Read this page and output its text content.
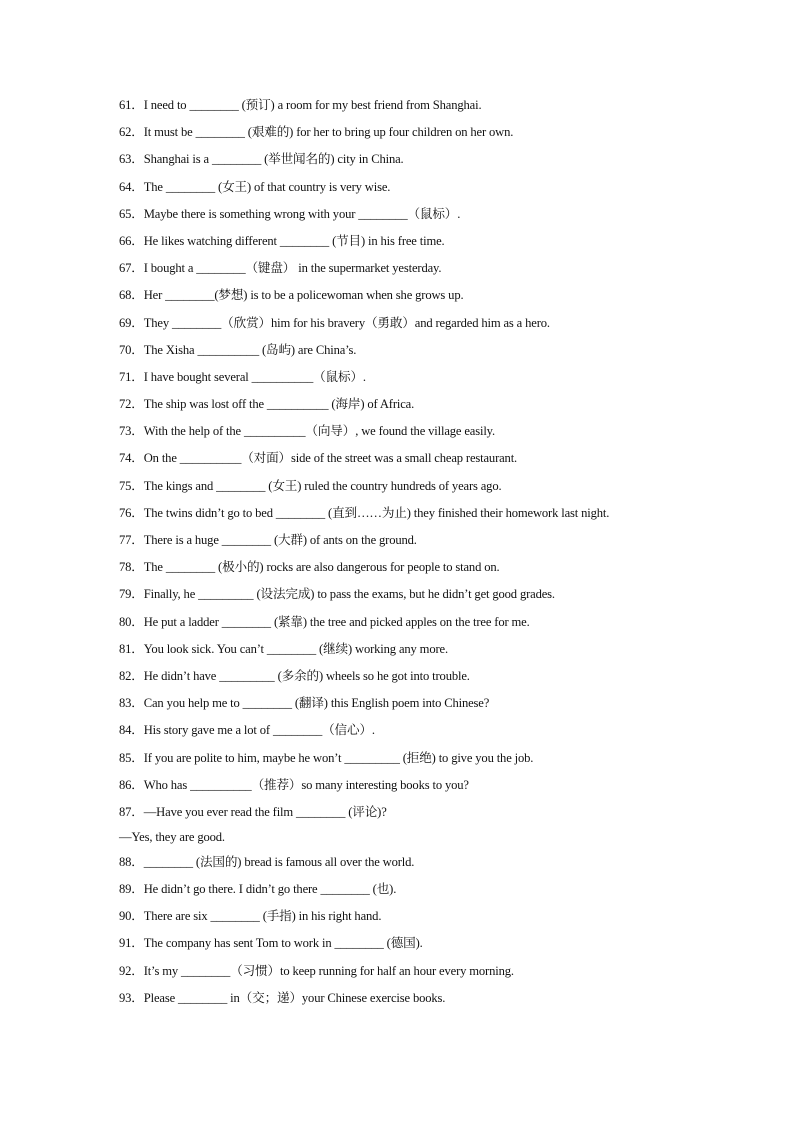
61．I need to ________ (预订) a room for my best friend from Shanghai.
62．It must be ________ (艰难的) for her to bring up four children on her own.
63．Shanghai is a ________ (举世闻名的) city in China.
64．The ________ (女王) of that country is very wise.
65．Maybe there is something wrong with your ________（鼠标）.
66．He likes watching different ________ (节目) in his free time.
67．I bought a ________（键盘） in the supermarket yesterday.
68．Her ________(梦想) is to be a policewoman when she grows up.
69．They ________（欣赏）him for his bravery（勇敢）and regarded him as a hero.
70．The Xisha __________ (岛屿) are China’s.
71．I have bought several __________（鼠标）.
72．The ship was lost off the __________ (海岸) of Africa.
73．With the help of the __________（向导）, we found the village easily.
74．On the __________（对面）side of the street was a small cheap restaurant.
75．The kings and ________ (女王) ruled the country hundreds of years ago.
76．The twins didn’t go to bed ________ (直到……为止) they finished their homework last night.
77．There is a huge ________ (大群) of ants on the ground.
78．The ________ (极小的) rocks are also dangerous for people to stand on.
79．Finally, he _________ (设法完成) to pass the exams, but he didn’t get good grades.
80．He put a ladder ________ (紧靠) the tree and picked apples on the tree for me.
81．You look sick. You can’t ________ (继续) working any more.
82．He didn’t have _________ (多余的) wheels so he got into trouble.
83．Can you help me to ________ (翻译) this English poem into Chinese?
84．His story gave me a lot of ________（信心）.
85．If you are polite to him, maybe he won’t _________ (拒绝) to give you the job.
86．Who has __________（推荐）so many interesting books to you?
87．—Have you ever read the film ________ (评论)?
—Yes, they are good.
88．________ (法国的) bread is famous all over the world.
89．He didn’t go there. I didn’t go there ________ (也).
90．There are six ________ (手指) in his right hand.
91．The company has sent Tom to work in ________ (德国).
92．It’s my ________（习惯）to keep running for half an hour every morning.
93．Please ________ in（交；递）your Chinese exercise books.
